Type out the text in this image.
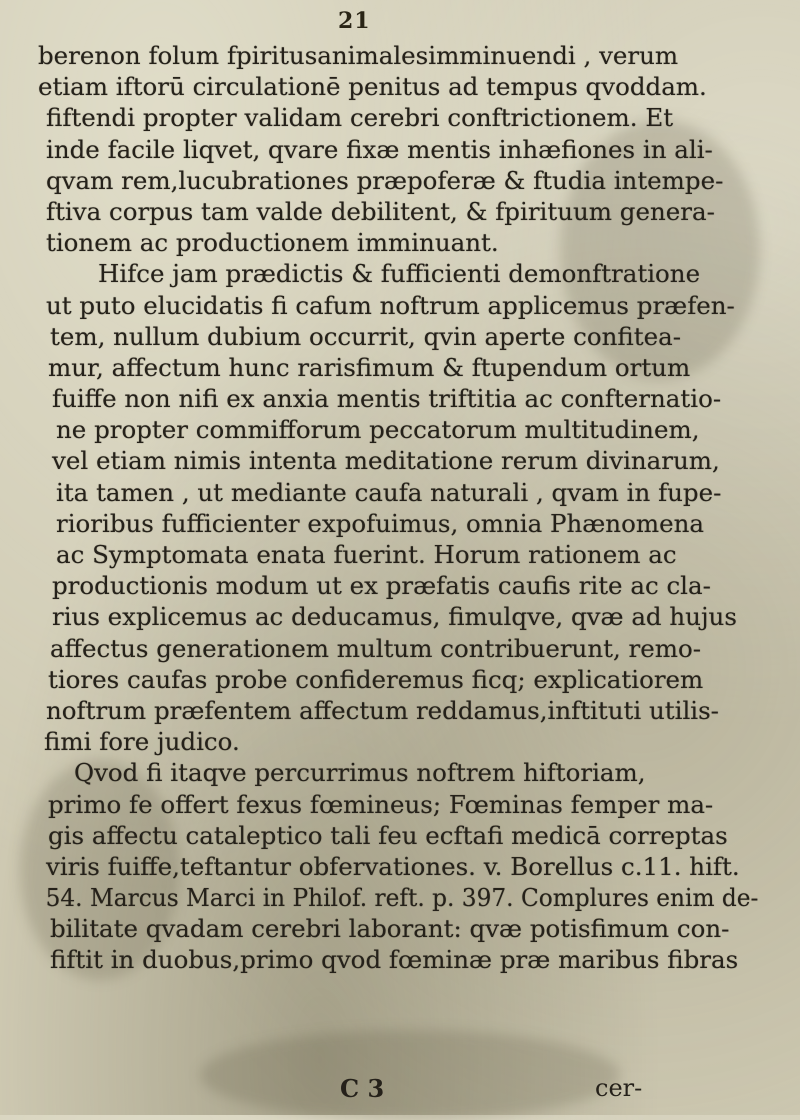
21
berenon folum fpiritusanimalesimminuendi , verum
etiam iftorū circulationē penitus ad tempus qvoddam.
fiftendi propter validam cerebri conftrictionem. Et
inde facile liqvet, qvare fixæ mentis inhæfiones in ali-
qvam rem,lucubrationes præpoferæ & ftudia intempe-
ftiva corpus tam valde debilitent, & fpirituum genera-
tionem ac productionem imminuant.
Hifce jam prædictis & fufficienti demonftratione
ut puto elucidatis fi cafum noftrum applicemus præfen-
tem, nullum dubium occurrit, qvin aperte confitea-
mur, affectum hunc rarisfimum & ftupendum ortum
fuiffe non nifi ex anxia mentis triftitia ac confternatio-
ne propter commifforum peccatorum multitudinem,
vel etiam nimis intenta meditatione rerum divinarum,
ita tamen , ut mediante caufa naturali , qvam in fupe-
rioribus fufficienter expofuimus, omnia Phænomena
ac Symptomata enata fuerint. Horum rationem ac
productionis modum ut ex præfatis caufis rite ac cla-
rius explicemus ac deducamus, fimulqve, qvæ ad hujus
affectus generationem multum contribuerunt, remo-
tiores caufas probe confideremus ficq; explicatiorem
noftrum præfentem affectum reddamus,inftituti utilis-
fimi fore judico.
Qvod fi itaqve percurrimus noftrem hiftoriam,
primo fe offert fexus fœmineus; Fœminas femper ma-
gis affectu cataleptico tali feu ecftafi medicā correptas
viris fuiffe,teftantur obfervationes. v. Borellus c.11. hift.
54. Marcus Marci in Philof. reft. p. 397. Complures enim de-
bilitate qvadam cerebri laborant: qvæ potisfimum con-
fiftit in duobus,primo qvod fœminæ præ maribus fibras
C 3	cer-
